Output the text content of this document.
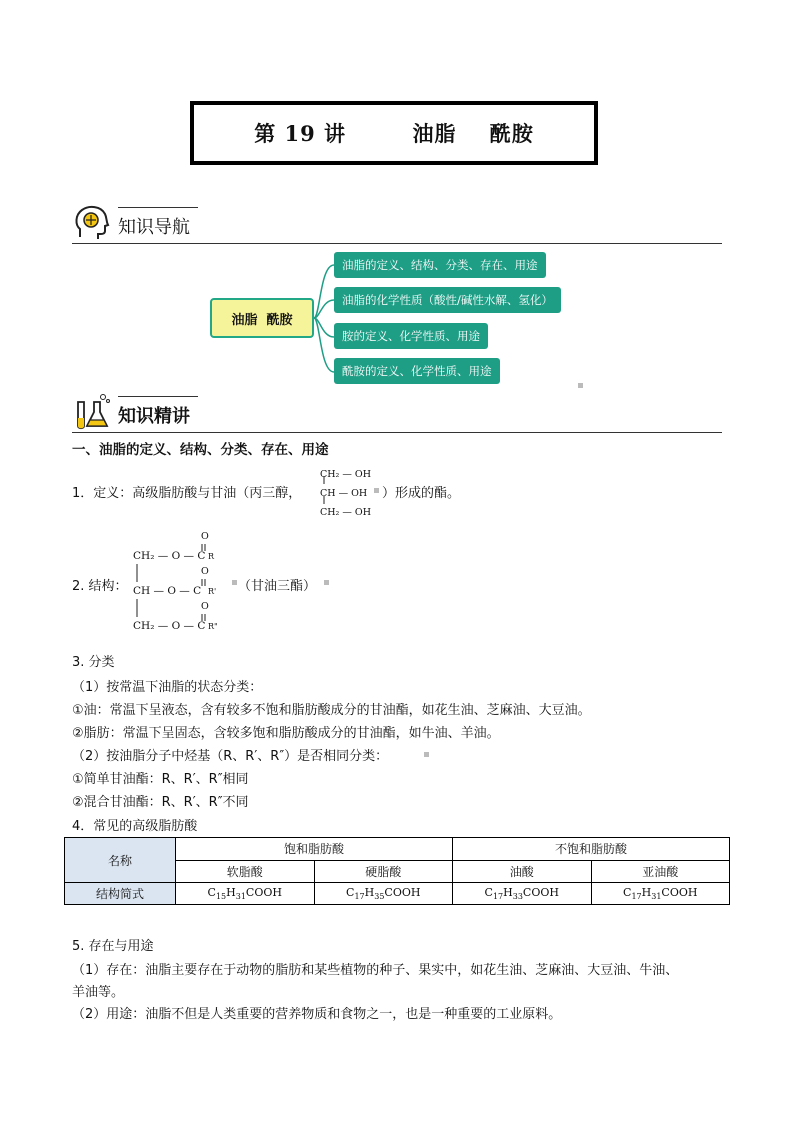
第 19 讲
	油脂
酰胺
知识导航
油脂  酰胺
油脂的定义、结构、分类、存在、用途
油脂的化学性质（酸性/碱性水解、氢化）
胺的定义、化学性质、用途
酰胺的定义、化学性质、用途
知识精讲
一、油脂的定义、结构、分类、存在、用途
1．定义：高级脂肪酸与甘油（丙三醇，
CH₂ — OH
CH — OH
CH₂ — OH
）形成的酯。
2. 结构：
CH₂ — O — C
CH — O — C
CH₂ — O — C
O
O
O
R
R'
R"
（甘油三酯）
3. 分类
（1）按常温下油脂的状态分类：
①油：常温下呈液态，含有较多不饱和脂肪酸成分的甘油酯，如花生油、芝麻油、大豆油。
②脂肪：常温下呈固态，含较多饱和脂肪酸成分的甘油酯，如牛油、羊油。
（2）按油脂分子中烃基（R、R′、R″）是否相同分类：
①简单甘油酯：R、R′、R″相同
②混合甘油酯：R、R′、R″不同
4．常见的高级脂肪酸
名称	饱和脂肪酸		不饱和脂肪酸	
	软脂酸	硬脂酸	油酸	亚油酸
结构简式	$C_{15}H_{31}COOH$	$C_{17}H_{35}COOH$	$C_{17}H_{33}COOH$	$C_{17}H_{31}COOH$
5. 存在与用途
（1）存在：油脂主要存在于动物的脂肪和某些植物的种子、果实中，如花生油、芝麻油、大豆油、牛油、
羊油等。
（2）用途：油脂不但是人类重要的营养物质和食物之一，也是一种重要的工业原料。
